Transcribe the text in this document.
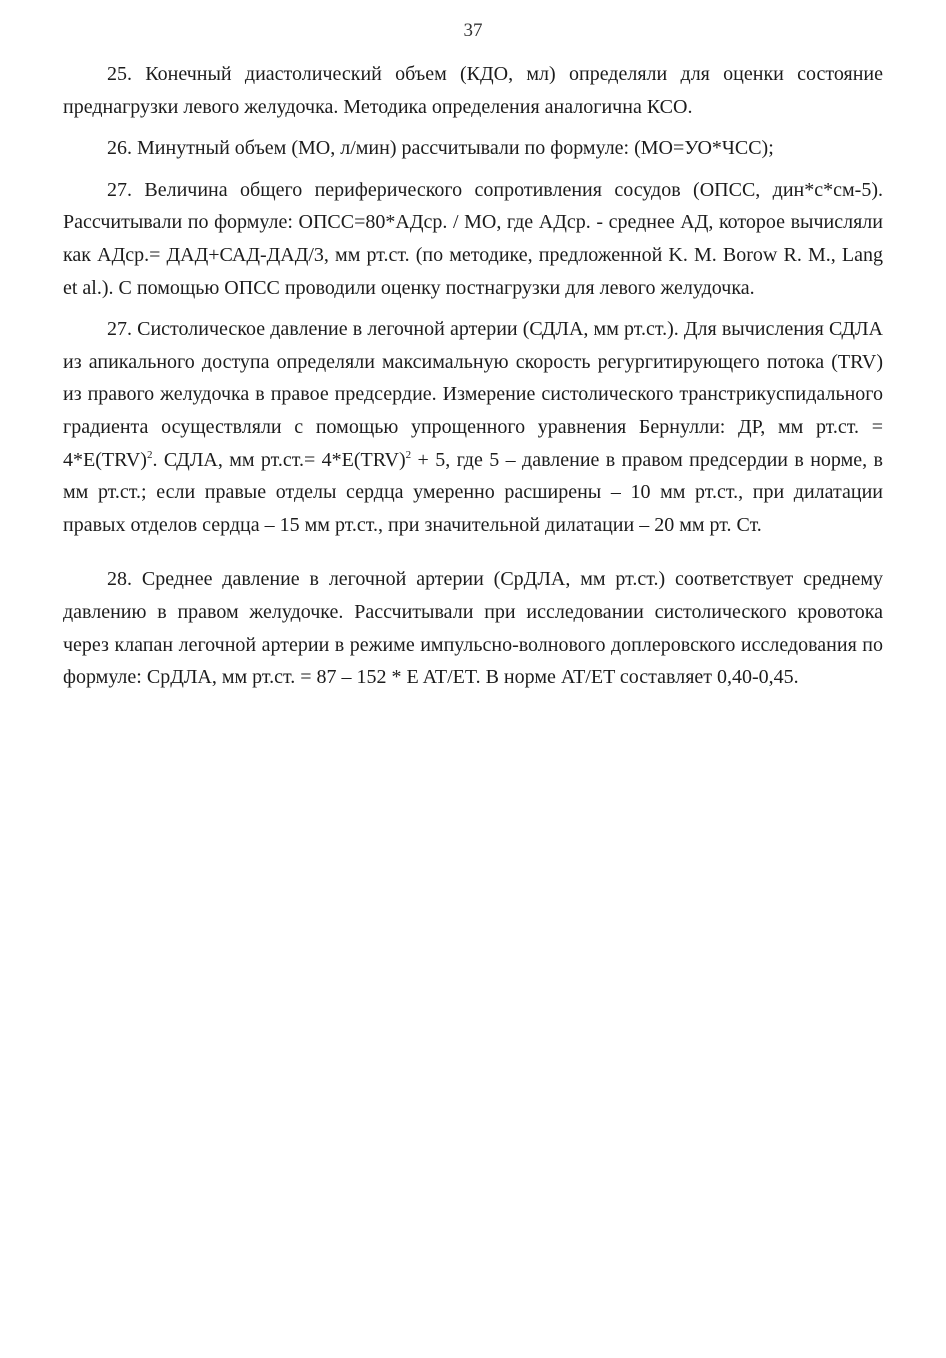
37

25. Конечный диастолический объем (КДО, мл) определяли для оценки состояние преднагрузки левого желудочка. Методика определения аналогична КСО.

26. Минутный объем (МО, л/мин) рассчитывали по формуле: (МО=УО*ЧСС);

27. Величина общего периферического сопротивления сосудов (ОПСС, дин*с*см-5). Рассчитывали по формуле: ОПСС=80*АДср. / МО, где АДср. - среднее АД, которое вычисляли как АДср.= ДАД+САД-ДАД/3, мм рт.ст. (по методике, предложенной K. M. Borow R. M., Lang et al.). С помощью ОПСС проводили оценку постнагрузки для левого желудочка.

27. Систолическое давление в легочной артерии (СДЛА, мм рт.ст.). Для вычисления СДЛА из апикального доступа определяли максимальную скорость регургитирующего потока (TRV) из правого желудочка в правое предсердие. Измерение систолического транстрикуспидального градиента осуществляли с помощью упрощенного уравнения Бернулли: ДР, мм рт.ст. = 4*E(TRV)$^2$. СДЛА, мм рт.ст.= 4*E(TRV)$^2$ + 5, где 5 – давление в правом предсердии в норме, в мм рт.ст.; если правые отделы сердца умеренно расширены – 10 мм рт.ст., при дилатации правых отделов сердца – 15 мм рт.ст., при значительной дилатации – 20 мм рт. Ст.

28. Среднее давление в легочной артерии (СрДЛА, мм рт.ст.) соответствует среднему давлению в правом желудочке. Рассчитывали при исследовании систолического кровотока через клапан легочной артерии в режиме импульсно-волнового доплеровского исследования по формуле: СрДЛА, мм рт.ст. = 87 – 152 * E AT/ET. В норме AT/ET составляет 0,40-0,45.
